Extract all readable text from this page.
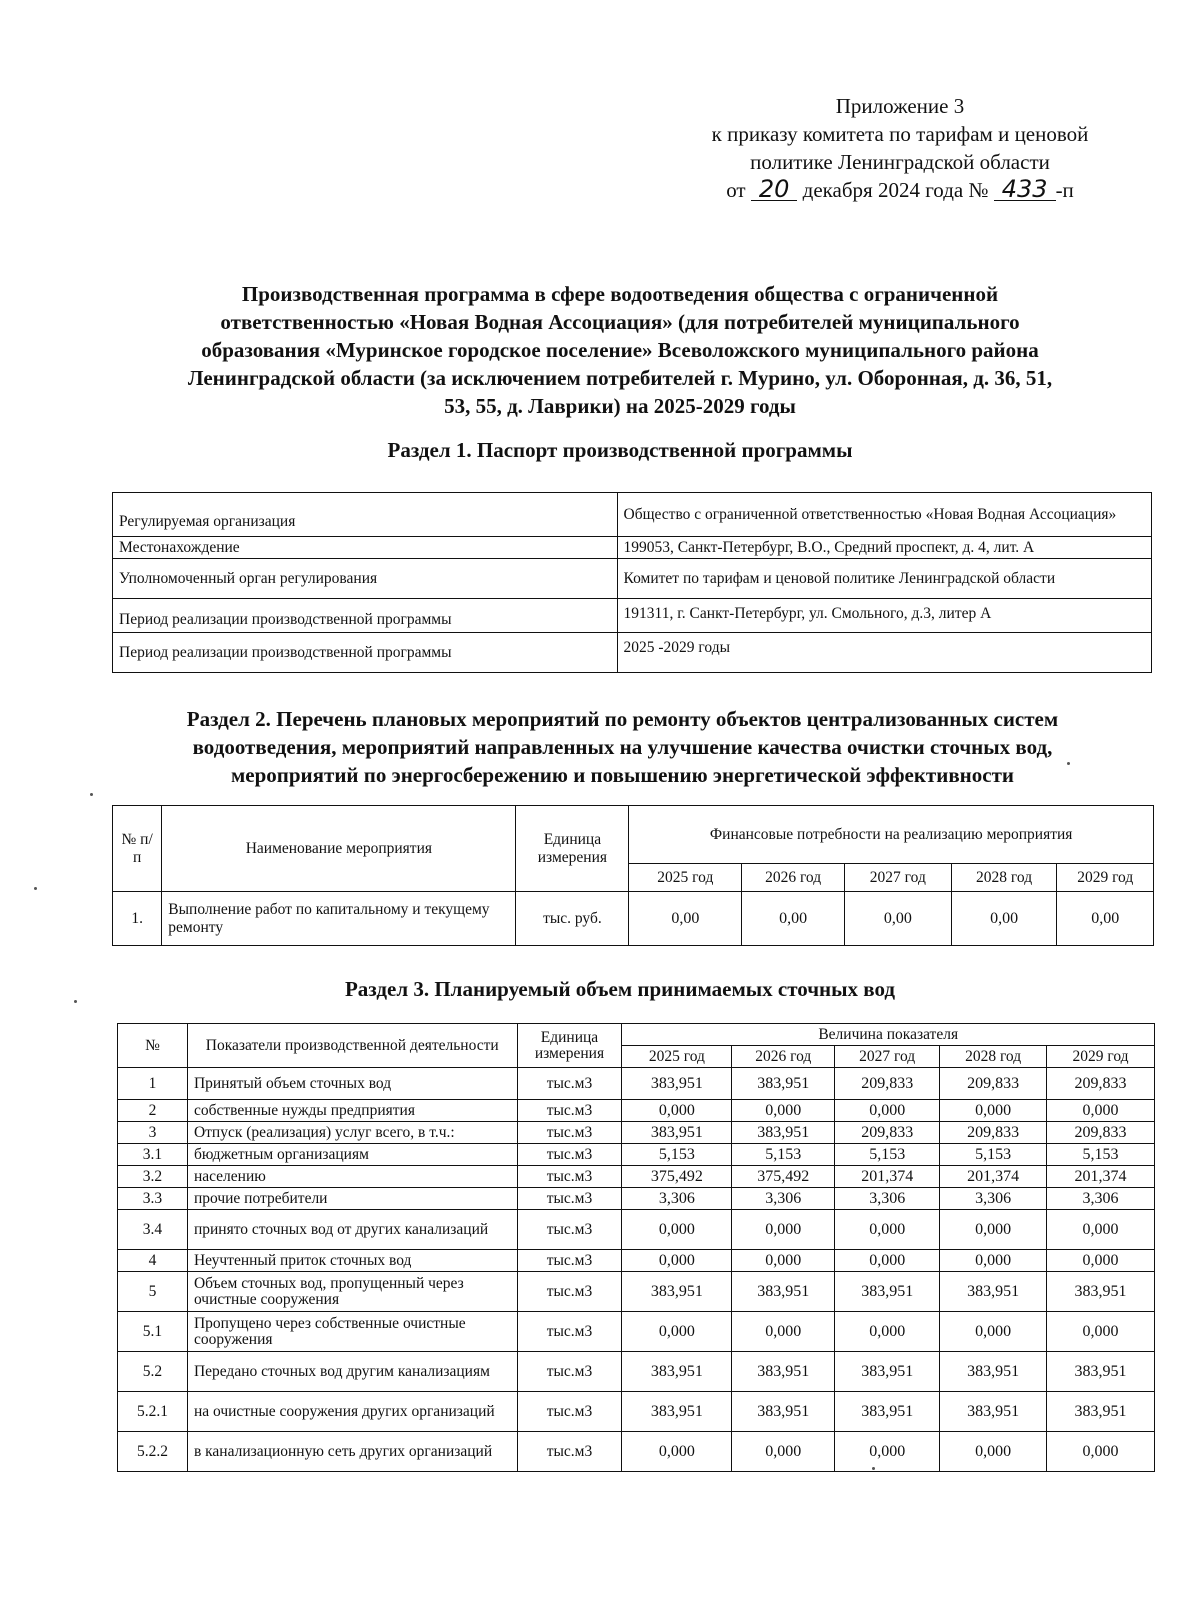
Приложение 3
к приказу комитета по тарифам и ценовой
политике Ленинградской области
от 20 декабря 2024 года № 433 -п
Производственная программа в сфере водоотведения общества с ограниченной
ответственностью «Новая Водная Ассоциация» (для потребителей муниципального
образования «Муринское городское поселение» Всеволожского муниципального района
Ленинградской области (за исключением потребителей г. Мурино, ул. Оборонная, д. 36, 51,
53, 55, д. Лаврики) на 2025-2029 годы
Раздел 1. Паспорт производственной программы
Регулируемая организация	Общество с ограниченной ответственностью «Новая Водная Ассоциация»
Местонахождение	199053, Санкт-Петербург, В.О., Средний проспект, д. 4, лит. А
Уполномоченный орган регулирования	Комитет по тарифам и ценовой политике Ленинградской области
Период реализации производственной программы	191311, г. Санкт-Петербург, ул. Смольного, д.3, литер А
Период реализации производственной программы	2025 -2029 годы
Раздел 2. Перечень плановых мероприятий по ремонту объектов централизованных систем
водоотведения, мероприятий направленных на улучшение качества очистки сточных вод,
мероприятий по энергосбережению и повышению энергетической эффективности
№ п/п	Наименование мероприятия	Единица измерения	Финансовые потребности на реализацию мероприятия				
			2025 год	2026 год	2027 год	2028 год	2029 год
1.	Выполнение работ по капитальному и текущему ремонту	тыс. руб.	0,00	0,00	0,00	0,00	0,00
Раздел 3. Планируемый объем принимаемых сточных вод
№	Показатели производственной деятельности	Единица измерения	Величина показателя				
			2025 год	2026 год	2027 год	2028 год	2029 год
1	Принятый объем сточных вод	тыс.м3	383,951	383,951	209,833	209,833	209,833
2	собственные нужды предприятия	тыс.м3	0,000	0,000	0,000	0,000	0,000
3	Отпуск (реализация) услуг всего, в т.ч.:	тыс.м3	383,951	383,951	209,833	209,833	209,833
3.1	бюджетным организациям	тыс.м3	5,153	5,153	5,153	5,153	5,153
3.2	населению	тыс.м3	375,492	375,492	201,374	201,374	201,374
3.3	прочие потребители	тыс.м3	3,306	3,306	3,306	3,306	3,306
3.4	принято сточных вод от других канализаций	тыс.м3	0,000	0,000	0,000	0,000	0,000
4	Неучтенный приток сточных вод	тыс.м3	0,000	0,000	0,000	0,000	0,000
5	Объем сточных вод, пропущенный через очистные сооружения	тыс.м3	383,951	383,951	383,951	383,951	383,951
5.1	Пропущено через собственные очистные сооружения	тыс.м3	0,000	0,000	0,000	0,000	0,000
5.2	Передано сточных вод другим канализациям	тыс.м3	383,951	383,951	383,951	383,951	383,951
5.2.1	на очистные сооружения других организаций	тыс.м3	383,951	383,951	383,951	383,951	383,951
5.2.2	в канализационную сеть других организаций	тыс.м3	0,000	0,000	0,000	0,000	0,000
